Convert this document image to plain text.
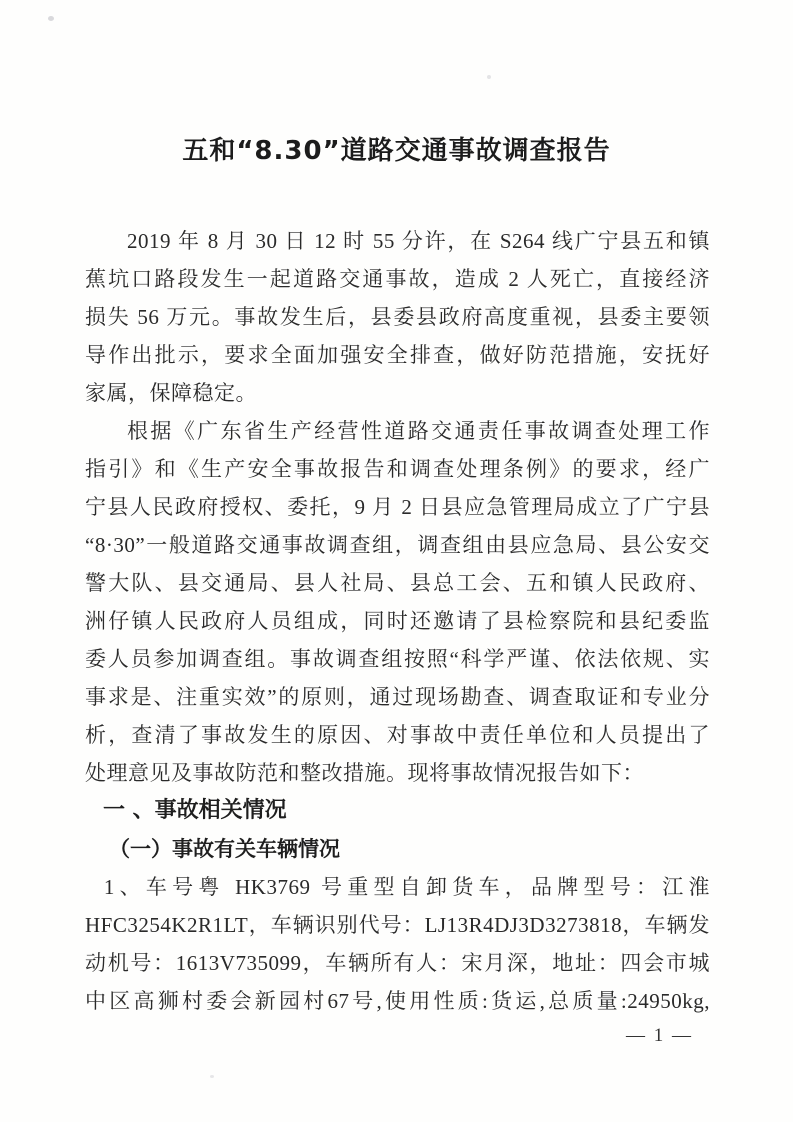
五和“8.30”道路交通事故调查报告
2019 年 8 月 30 日 12 时 55 分许，在 S264 线广宁县五和镇
蕉坑口路段发生一起道路交通事故，造成 2 人死亡，直接经济
损失 56 万元。事故发生后，县委县政府高度重视，县委主要领
导作出批示，要求全面加强安全排查，做好防范措施，安抚好
家属，保障稳定。
根据《广东省生产经营性道路交通责任事故调查处理工作
指引》和《生产安全事故报告和调查处理条例》的要求，经广
宁县人民政府授权、委托，9 月 2 日县应急管理局成立了广宁县
“8·30”一般道路交通事故调查组，调查组由县应急局、县公安交
警大队、县交通局、县人社局、县总工会、五和镇人民政府、
洲仔镇人民政府人员组成，同时还邀请了县检察院和县纪委监
委人员参加调查组。事故调查组按照“科学严谨、依法依规、实
事求是、注重实效”的原则，通过现场勘查、调查取证和专业分
析，查清了事故发生的原因、对事故中责任单位和人员提出了
处理意见及事故防范和整改措施。现将事故情况报告如下：
一 、事故相关情况
（一）事故有关车辆情况
1、车号粤 HK3769 号重型自卸货车，品牌型号：江淮
HFC3254K2R1LT，车辆识别代号：LJ13R4DJ3D3273818，车辆发
动机号：1613V735099，车辆所有人：宋月深，地址：四会市城
中区高狮村委会新园村67号,使用性质:货运,总质量:24950kg,
— 1 —
